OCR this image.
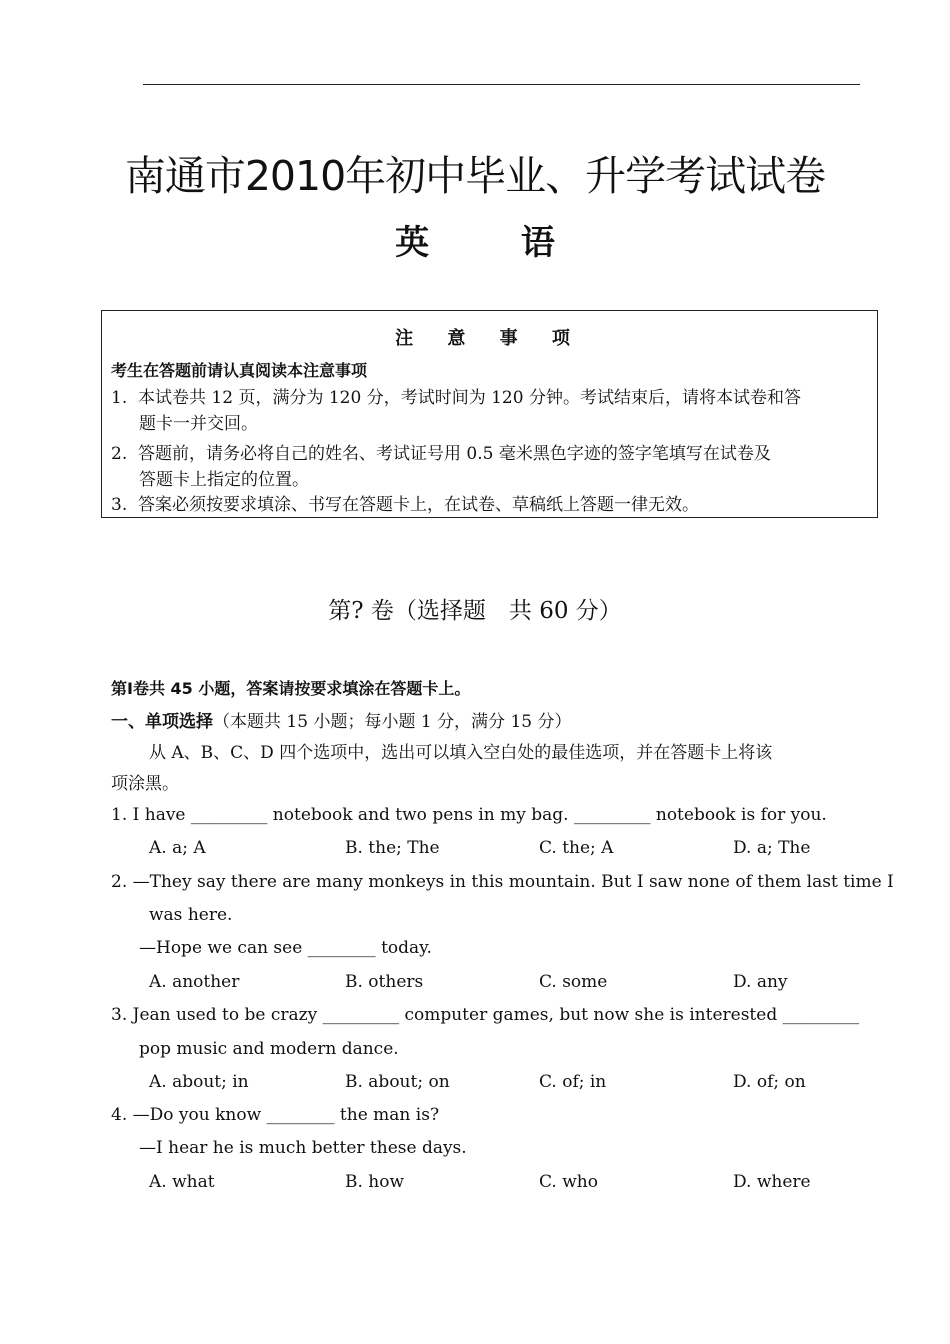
南通市2010年初中毕业、升学考试试卷
英 语
注 意 事 项
考生在答题前请认真阅读本注意事项
1. 本试卷共 12 页，满分为 120 分，考试时间为 120 分钟。考试结束后，请将本试卷和答
题卡一并交回。
2. 答题前，请务必将自己的姓名、考试证号用 0.5 毫米黑色字迹的签字笔填写在试卷及
答题卡上指定的位置。
3. 答案必须按要求填涂、书写在答题卡上，在试卷、草稿纸上答题一律无效。
第? 卷（选择题　共 60 分）
第Ⅰ卷共 45 小题，答案请按要求填涂在答题卡上。
一、单项选择（本题共 15 小题；每小题 1 分，满分 15 分）
从 A、B、C、D 四个选项中，选出可以填入空白处的最佳选项，并在答题卡上将该
项涂黑。
1. I have _________ notebook and two pens in my bag. _________ notebook is for you.
A. a; A	B. the; The	C. the; A	D. a; The
2. —They say there are many monkeys in this mountain. But I saw none of them last time I
was here.
—Hope we can see ________ today.
A. another	B. others	C. some	D. any
3. Jean used to be crazy _________ computer games, but now she is interested _________
pop music and modern dance.
A. about; in	B. about; on	C. of; in	D. of; on
4. —Do you know ________ the man is?
—I hear he is much better these days.
A. what	B. how	C. who	D. where
